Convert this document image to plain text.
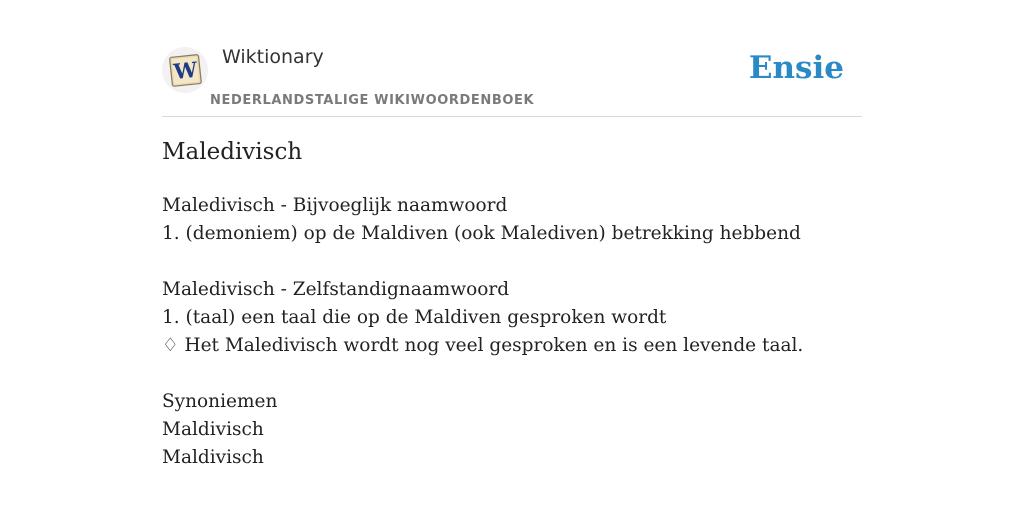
W Wiktionary
NEDERLANDSTALIGE WIKIWOORDENBOEK
Ensie
Maledivisch
Maledivisch - Bijvoeglijk naamwoord
1. (demoniem) op de Maldiven (ook Malediven) betrekking hebbend
Maledivisch - Zelfstandignaamwoord
1. (taal) een taal die op de Maldiven gesproken wordt
♢ Het Maledivisch wordt nog veel gesproken en is een levende taal.
Synoniemen
Maldivisch
Maldivisch
